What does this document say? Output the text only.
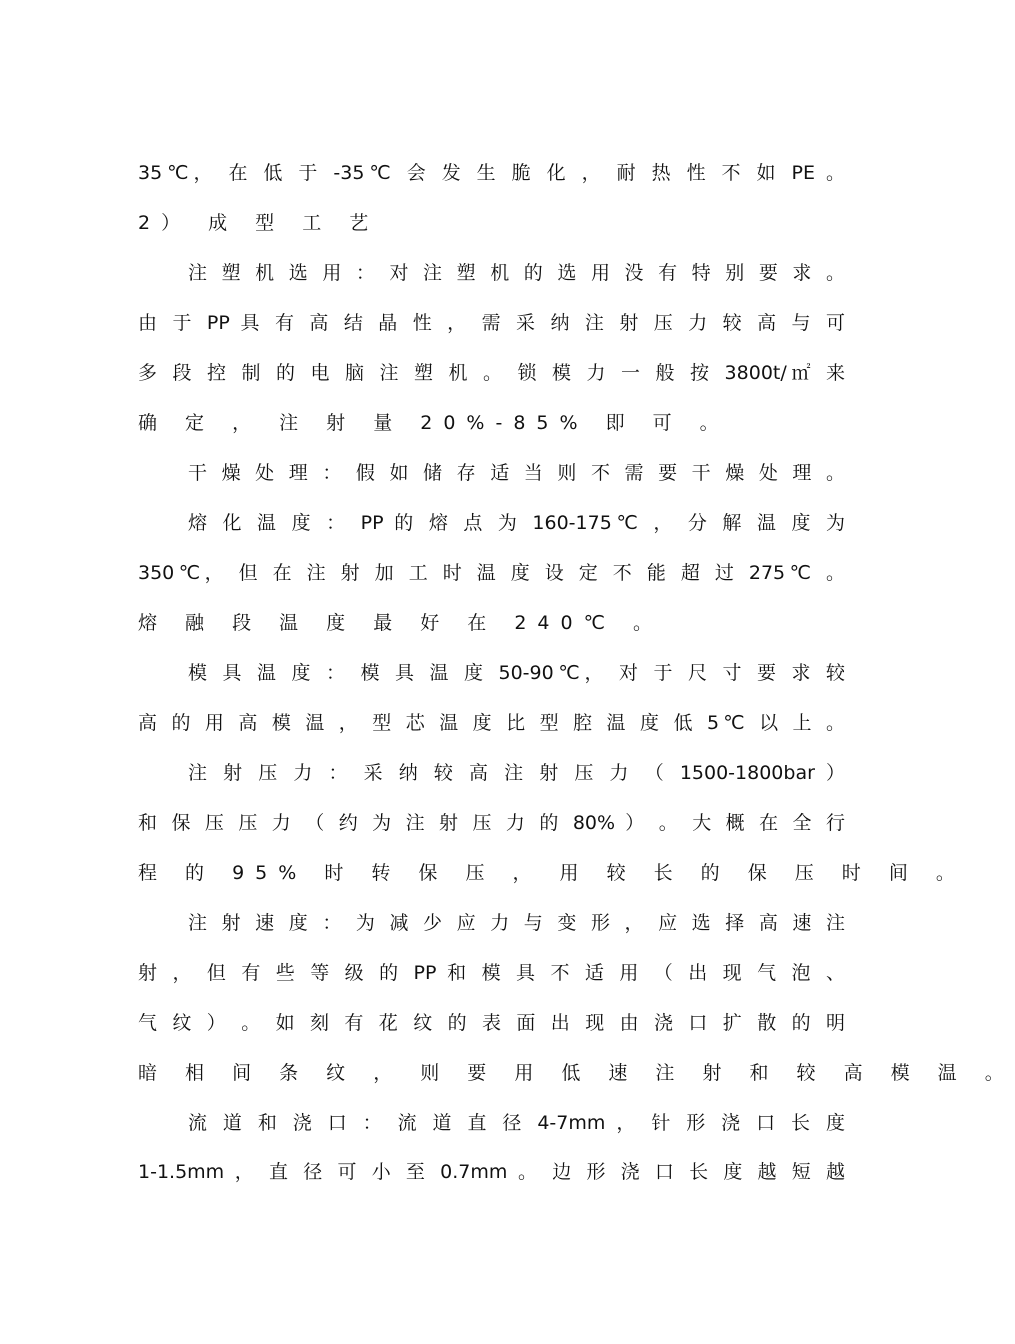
35℃， 在 低 于 -35℃ 会 发 生 脆 化 ， 耐 热 性 不 如 PE 。
2） 成 型 工 艺
注 塑 机 选 用 ： 对 注 塑 机 的 选 用 没 有 特 别 要 求 。
由 于 PP 具 有 高 结 晶 性 ， 需 采 纳 注 射 压 力 较 高 与 可
多 段 控 制 的 电 脑 注 塑 机 。 锁 模 力 一 般 按 3800t/㎡ 来
确 定 ， 注 射 量 20%-85% 即 可 。
干 燥 处 理 ： 假 如 储 存 适 当 则 不 需 要 干 燥 处 理 。
熔 化 温 度 ： PP 的 熔 点 为 160-175℃ ， 分 解 温 度 为
350℃， 但 在 注 射 加 工 时 温 度 设 定 不 能 超 过 275℃ 。
熔 融 段 温 度 最 好 在 240℃ 。
模 具 温 度 ： 模 具 温 度 50-90℃， 对 于 尺 寸 要 求 较
高 的 用 高 模 温 ， 型 芯 温 度 比 型 腔 温 度 低 5℃ 以 上 。
注 射 压 力 ： 采 纳 较 高 注 射 压 力 （ 1500-1800bar ）
和 保 压 压 力 （ 约 为 注 射 压 力 的 80% ） 。 大 概 在 全 行
程 的 95% 时 转 保 压 ， 用 较 长 的 保 压 时 间 。
注 射 速 度 ： 为 减 少 应 力 与 变 形 ， 应 选 择 高 速 注
射 ， 但 有 些 等 级 的 PP 和 模 具 不 适 用 （ 出 现 气 泡 、
气 纹 ） 。 如 刻 有 花 纹 的 表 面 出 现 由 浇 口 扩 散 的 明
暗 相 间 条 纹 ， 则 要 用 低 速 注 射 和 较 高 模 温 。
流 道 和 浇 口 ： 流 道 直 径 4-7mm ， 针 形 浇 口 长 度
1-1.5mm ， 直 径 可 小 至 0.7mm 。 边 形 浇 口 长 度 越 短 越
